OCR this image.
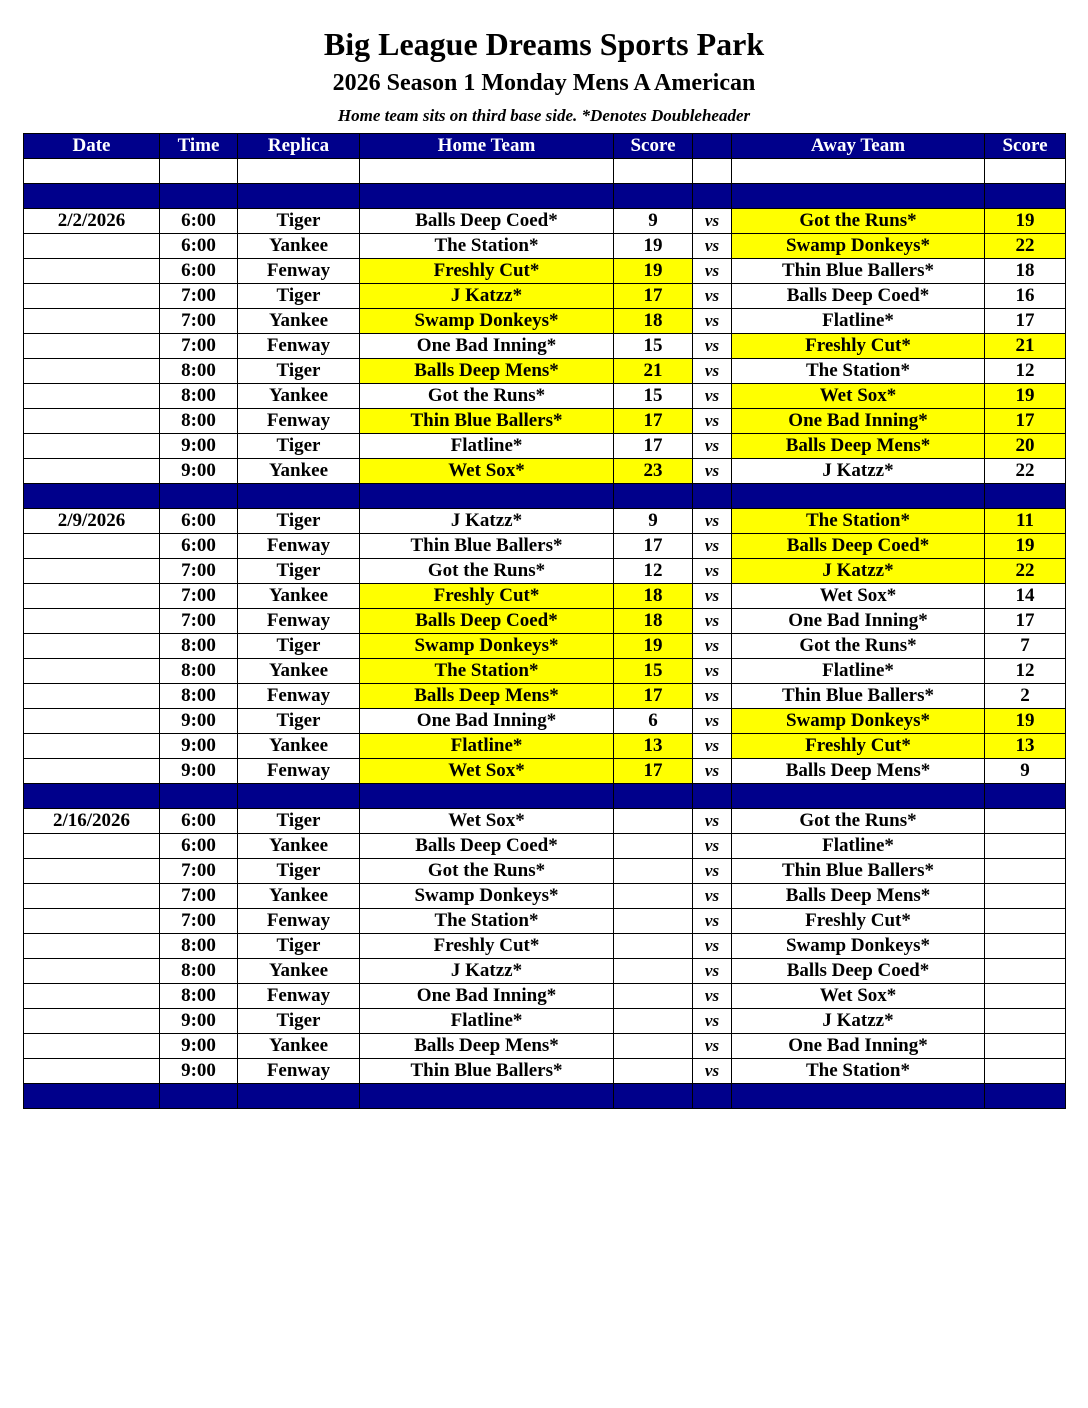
Big League Dreams Sports Park
2026 Season 1 Monday Mens A American
Home team sits on third base side. *Denotes Doubleheader
Date	Time	Replica	Home Team	Score		Away Team	Score

2/2/2026	6:00	Tiger	Balls Deep Coed*	9	vs	Got the Runs*	19
	6:00	Yankee	The Station*	19	vs	Swamp Donkeys*	22
	6:00	Fenway	Freshly Cut*	19	vs	Thin Blue Ballers*	18
	7:00	Tiger	J Katzz*	17	vs	Balls Deep Coed*	16
	7:00	Yankee	Swamp Donkeys*	18	vs	Flatline*	17
	7:00	Fenway	One Bad Inning*	15	vs	Freshly Cut*	21
	8:00	Tiger	Balls Deep Mens*	21	vs	The Station*	12
	8:00	Yankee	Got the Runs*	15	vs	Wet Sox*	19
	8:00	Fenway	Thin Blue Ballers*	17	vs	One Bad Inning*	17
	9:00	Tiger	Flatline*	17	vs	Balls Deep Mens*	20
	9:00	Yankee	Wet Sox*	23	vs	J Katzz*	22

2/9/2026	6:00	Tiger	J Katzz*	9	vs	The Station*	11
	6:00	Fenway	Thin Blue Ballers*	17	vs	Balls Deep Coed*	19
	7:00	Tiger	Got the Runs*	12	vs	J Katzz*	22
	7:00	Yankee	Freshly Cut*	18	vs	Wet Sox*	14
	7:00	Fenway	Balls Deep Coed*	18	vs	One Bad Inning*	17
	8:00	Tiger	Swamp Donkeys*	19	vs	Got the Runs*	7
	8:00	Yankee	The Station*	15	vs	Flatline*	12
	8:00	Fenway	Balls Deep Mens*	17	vs	Thin Blue Ballers*	2
	9:00	Tiger	One Bad Inning*	6	vs	Swamp Donkeys*	19
	9:00	Yankee	Flatline*	13	vs	Freshly Cut*	13
	9:00	Fenway	Wet Sox*	17	vs	Balls Deep Mens*	9

2/16/2026	6:00	Tiger	Wet Sox*		vs	Got the Runs*	
	6:00	Yankee	Balls Deep Coed*		vs	Flatline*	
	7:00	Tiger	Got the Runs*		vs	Thin Blue Ballers*	
	7:00	Yankee	Swamp Donkeys*		vs	Balls Deep Mens*	
	7:00	Fenway	The Station*		vs	Freshly Cut*	
	8:00	Tiger	Freshly Cut*		vs	Swamp Donkeys*	
	8:00	Yankee	J Katzz*		vs	Balls Deep Coed*	
	8:00	Fenway	One Bad Inning*		vs	Wet Sox*	
	9:00	Tiger	Flatline*		vs	J Katzz*	
	9:00	Yankee	Balls Deep Mens*		vs	One Bad Inning*	
	9:00	Fenway	Thin Blue Ballers*		vs	The Station*	
